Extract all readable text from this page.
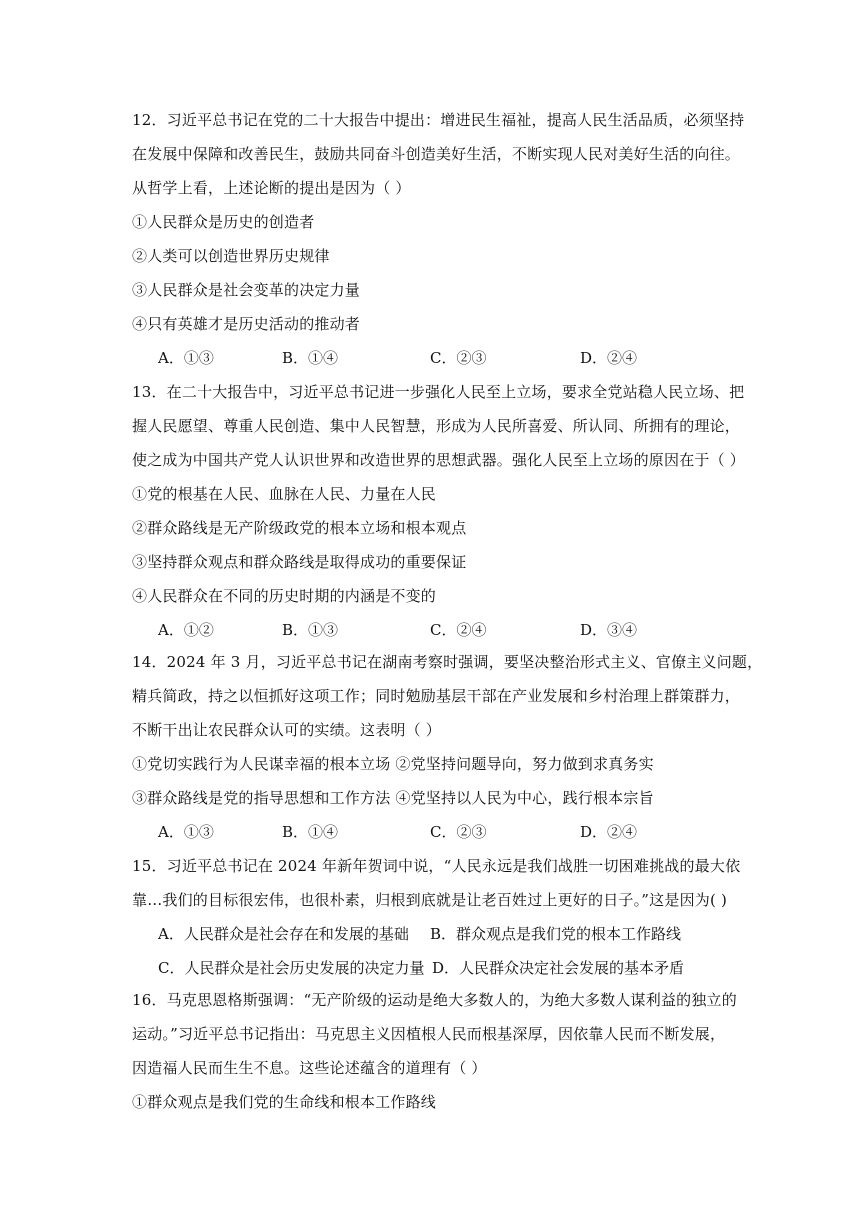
12．习近平总书记在党的二十大报告中提出：增进民生福祉，提高人民生活品质，必须坚持
在发展中保障和改善民生，鼓励共同奋斗创造美好生活，不断实现人民对美好生活的向往。
从哲学上看，上述论断的提出是因为（ ）
①人民群众是历史的创造者
②人类可以创造世界历史规律
③人民群众是社会变革的决定力量
④只有英雄才是历史活动的推动者
A．①③	B．①④	C．②③	D．②④
13．在二十大报告中，习近平总书记进一步强化人民至上立场，要求全党站稳人民立场、把
握人民愿望、尊重人民创造、集中人民智慧，形成为人民所喜爱、所认同、所拥有的理论，
使之成为中国共产党人认识世界和改造世界的思想武器。强化人民至上立场的原因在于（ ）
①党的根基在人民、血脉在人民、力量在人民
②群众路线是无产阶级政党的根本立场和根本观点
③坚持群众观点和群众路线是取得成功的重要保证
④人民群众在不同的历史时期的内涵是不变的
A．①②	B．①③	C．②④	D．③④
14．2024 年 3 月，习近平总书记在湖南考察时强调，要坚决整治形式主义、官僚主义问题，
精兵简政，持之以恒抓好这项工作；同时勉励基层干部在产业发展和乡村治理上群策群力，
不断干出让农民群众认可的实绩。这表明（ ）
①党切实践行为人民谋幸福的根本立场 ②党坚持问题导向，努力做到求真务实
③群众路线是党的指导思想和工作方法 ④党坚持以人民为中心，践行根本宗旨
A．①③	B．①④	C．②③	D．②④
15．习近平总书记在 2024 年新年贺词中说，“人民永远是我们战胜一切困难挑战的最大依
靠…我们的目标很宏伟，也很朴素，归根到底就是让老百姓过上更好的日子。”这是因为( )
A．人民群众是社会存在和发展的基础 B．群众观点是我们党的根本工作路线
C．人民群众是社会历史发展的决定力量 D．人民群众决定社会发展的基本矛盾
16．马克思恩格斯强调：“无产阶级的运动是绝大多数人的，为绝大多数人谋利益的独立的
运动。”习近平总书记指出：马克思主义因植根人民而根基深厚，因依靠人民而不断发展，
因造福人民而生生不息。这些论述蕴含的道理有（ ）
①群众观点是我们党的生命线和根本工作路线
